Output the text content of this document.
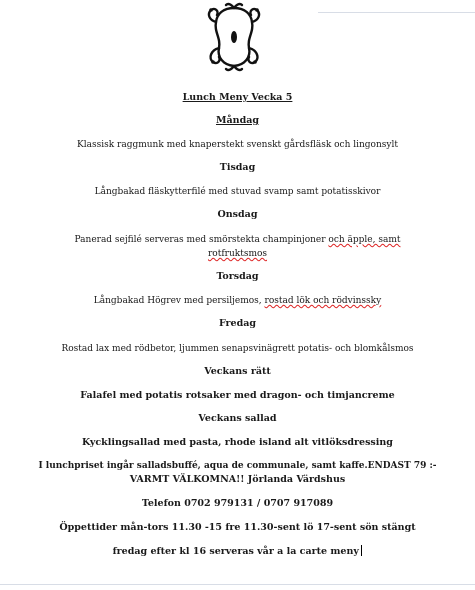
Lunch Meny Vecka 5
Måndag
Klassisk raggmunk med knaperstekt svenskt gårdsfläsk och lingonsylt
Tisdag
Långbakad fläskytterfilé med stuvad svamp samt potatisskivor
Onsdag
Panerad sejfilé serveras med smörstekta champinjoner och äpple, samt
rotfruktsmos
Torsdag
Långbakad Högrev med persiljemos, rostad lök och rödvinssky
Fredag
Rostad lax med rödbetor, ljummen senapsvinägrett potatis- och blomkålsmos
Veckans rätt
Falafel med potatis rotsaker med dragon- och timjancreme
Veckans sallad
Kycklingsallad med pasta, rhode island alt vitlöksdressing
I lunchpriset ingår salladsbuffé, aqua de communale, samt kaffe.ENDAST 79 :-
VARMT VÄLKOMNA!! Jörlanda Värdshus
Telefon 0702 979131 / 0707 917089
Öppettider mån-tors 11.30 -15 fre 11.30-sent lö 17-sent sön stängt
fredag efter kl 16 serveras vår a la carte meny
